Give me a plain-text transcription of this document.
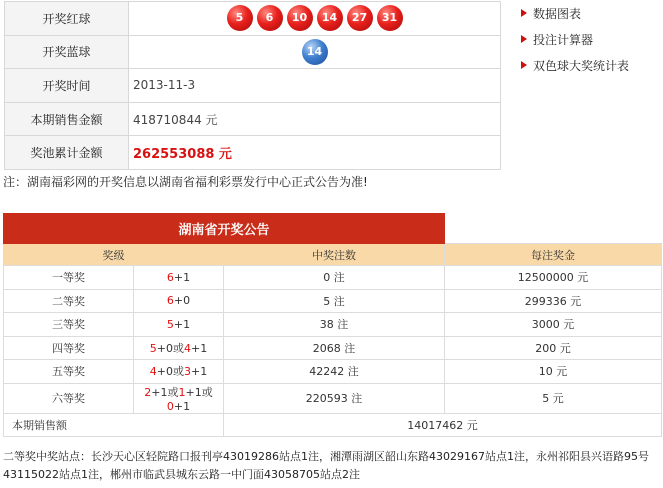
开奖红球	5 6 10 14 27 31
开奖蓝球	14
开奖时间	2013-11-3
本期销售金额	418710844 元
奖池累计金额	262553088 元
数据图表
投注计算器
双色球大奖统计表
注：湖南福彩网的开奖信息以湖南省福利彩票发行中心正式公告为准!
湖南省开奖公告			
奖级		中奖注数	每注奖金
一等奖	6+1	0 注	12500000 元
二等奖	6+0	5 注	299336 元
三等奖	5+1	38 注	3000 元
四等奖	5+0或4+1	2068 注	200 元
五等奖	4+0或3+1	42242 注	10 元
六等奖	2+1或1+1或0+1	220593 注	5 元
本期销售额		14017462 元	
二等奖中奖站点：长沙天心区轻院路口报刊亭43019286站点1注，湘潭雨湖区韶山东路43029167站点1注，永州祁阳县兴语路95号43115022站点1注，郴州市临武县城东云路一中门面43058705站点2注
